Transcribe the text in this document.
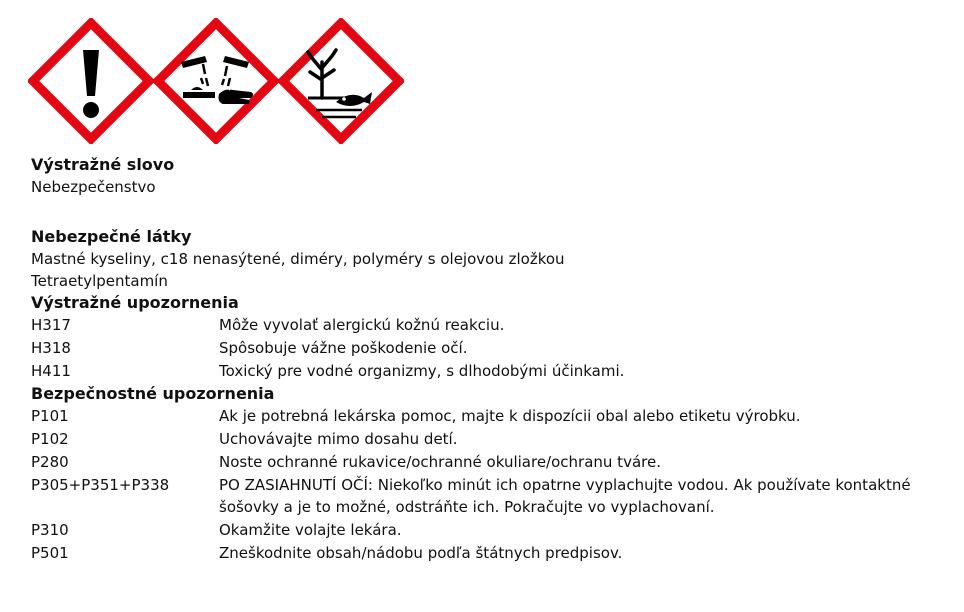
Výstražné slovo
Nebezpečenstvo
Nebezpečné látky
Mastné kyseliny, c18 nenasýtené, diméry, polyméry s olejovou zložkou
Tetraetylpentamín
Výstražné upozornenia
H317	Môže vyvolať alergickú kožnú reakciu.
H318	Spôsobuje vážne poškodenie očí.
H411	Toxický pre vodné organizmy, s dlhodobými účinkami.
Bezpečnostné upozornenia
P101	Ak je potrebná lekárska pomoc, majte k dispozícii obal alebo etiketu výrobku.
P102	Uchovávajte mimo dosahu detí.
P280	Noste ochranné rukavice/ochranné okuliare/ochranu tváre.
P305+P351+P338	PO ZASIAHNUTÍ OČÍ: Niekoľko minút ich opatrne vyplachujte vodou. Ak používate kontaktné šošovky a je to možné, odstráňte ich. Pokračujte vo vyplachovaní.
P310	Okamžite volajte lekára.
P501	Zneškodnite obsah/nádobu podľa štátnych predpisov.
